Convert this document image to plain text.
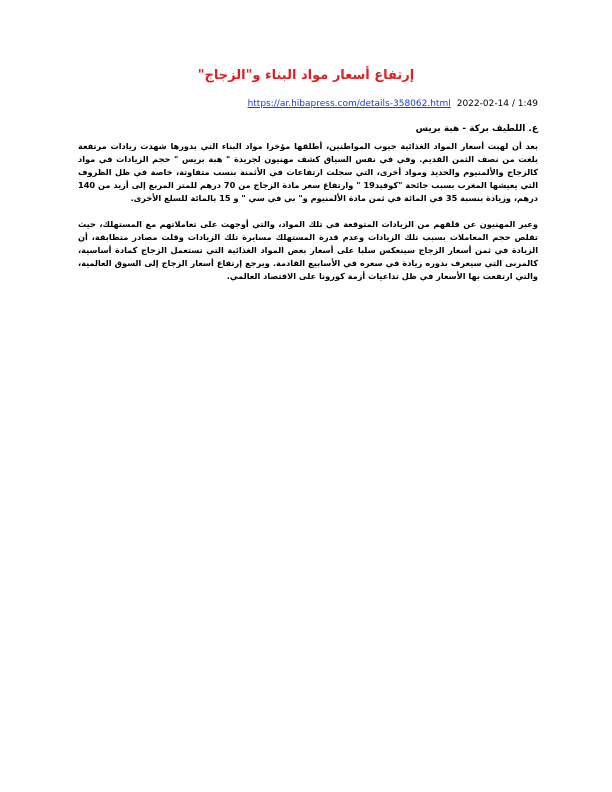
إرتفاع أسعار مواد البناء و"الزجاج"
https://ar.hibapress.com/details-358062.html 2022-02-14 / 1:49

ع. اللطيف بركة - هبة بريس

بعد أن لهبت أسعار المواد الغذائية جيوب المواطنين، أطلقها مؤخرا مواد البناء التي بدورها شهدت زيادات مرتفعة بلغت من نصف الثمن القديم. وفي في نفس السياق كشف مهنيون لجريدة " هبة بريس " حجم الزيادات في مواد كالزجاج والألمنيوم والحديد ومواد أخرى، التي سجلت ارتفاعات في الأثمنة بنسب متفاوتة، خاصة في ظل الظروف التي يعيشها المغرب بسبب جائحة "كوفيد19 " وارتفاع سعر مادة الزجاج من 70 درهم للمتر المربع إلى أزيد من 140 درهم، وزيادة بنسبة 35 في المائة في ثمن مادة الألمنيوم و" بي في سي " و 15 بالمائة للسلع الأخرى.

وعبر المهنيون عن قلقهم من الزيادات المتوقعة في تلك المواد، والتي أوجهت على تعاملاتهم مع المستهلك، حيث تقلص حجم المعاملات بسبب تلك الزيادات وعدم قدرة المستهلك مسايرة تلك الزيادات وقلت مصادر متطابقة، أن الزيادة في ثمن أسعار الزجاج سينعكس سلبا على أسعار بعض المواد الغذائية التي تستعمل الزجاج كمادة أساسية، كالمربى التي سيعرف بدوره زيادة في سعره في الأسابيع القادمة. ويرجع إرتفاع أسعار الزجاج إلى السوق العالمية، والتي ارتفعت بها الأسعار في ظل تداعيات أزمة كورونا على الاقتصاد العالمي.
